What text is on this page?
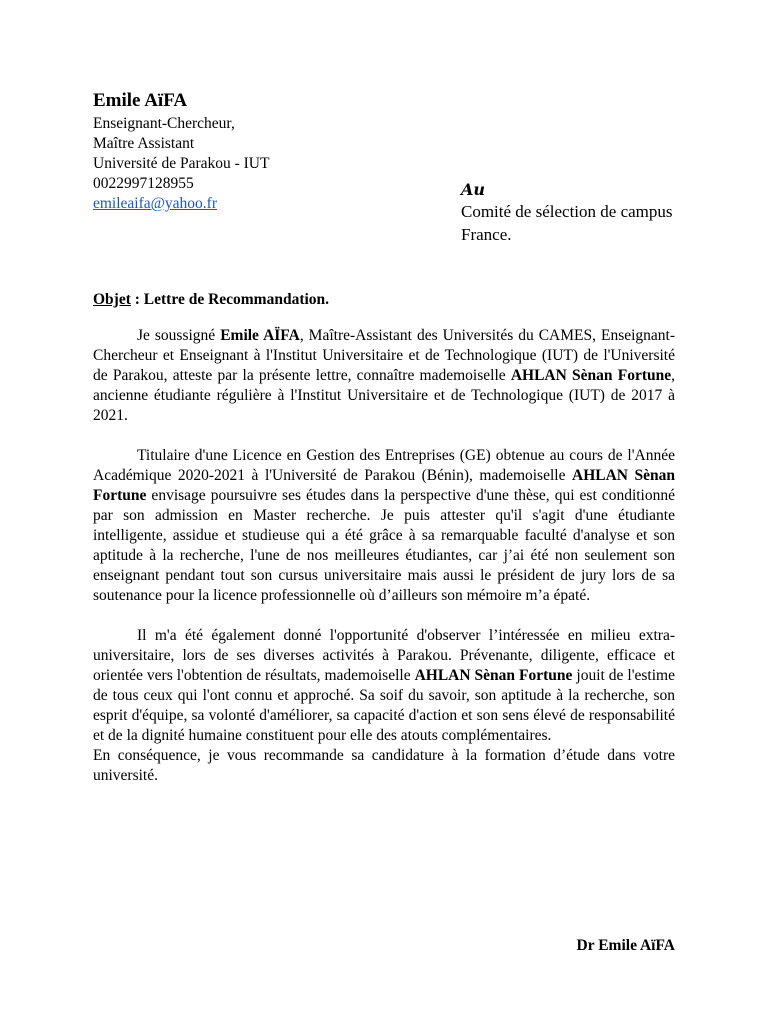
Emile AïFA
Enseignant-Chercheur,
Maître Assistant
Université de Parakou - IUT
0022997128955
emileaifa@yahoo.fr
Au
Comité de sélection de campus
France.
Objet : Lettre de Recommandation.

Je soussigné Emile AÏFA, Maître-Assistant des Universités du CAMES, Enseignant-Chercheur et Enseignant à l'Institut Universitaire et de Technologique (IUT) de l'Université de Parakou, atteste par la présente lettre, connaître mademoiselle AHLAN Sènan Fortune, ancienne étudiante régulière à l'Institut Universitaire et de Technologique (IUT) de 2017 à 2021.

Titulaire d'une Licence en Gestion des Entreprises (GE) obtenue au cours de l'Année Académique 2020-2021 à l'Université de Parakou (Bénin), mademoiselle AHLAN Sènan Fortune envisage poursuivre ses études dans la perspective d'une thèse, qui est conditionné par son admission en Master recherche. Je puis attester qu'il s'agit d'une étudiante intelligente, assidue et studieuse qui a été grâce à sa remarquable faculté d'analyse et son aptitude à la recherche, l'une de nos meilleures étudiantes, car j’ai été non seulement son enseignant pendant tout son cursus universitaire mais aussi le président de jury lors de sa soutenance pour la licence professionnelle où d’ailleurs son mémoire m’a épaté.

Il m'a été également donné l'opportunité d'observer l’intéressée en milieu extra-universitaire, lors de ses diverses activités à Parakou. Prévenante, diligente, efficace et orientée vers l'obtention de résultats, mademoiselle AHLAN Sènan Fortune jouit de l'estime de tous ceux qui l'ont connu et approché. Sa soif du savoir, son aptitude à la recherche, son esprit d'équipe, sa volonté d'améliorer, sa capacité d'action et son sens élevé de responsabilité et de la dignité humaine constituent pour elle des atouts complémentaires.

En conséquence, je vous recommande sa candidature à la formation d’étude dans votre université.

Dr Emile AïFA
